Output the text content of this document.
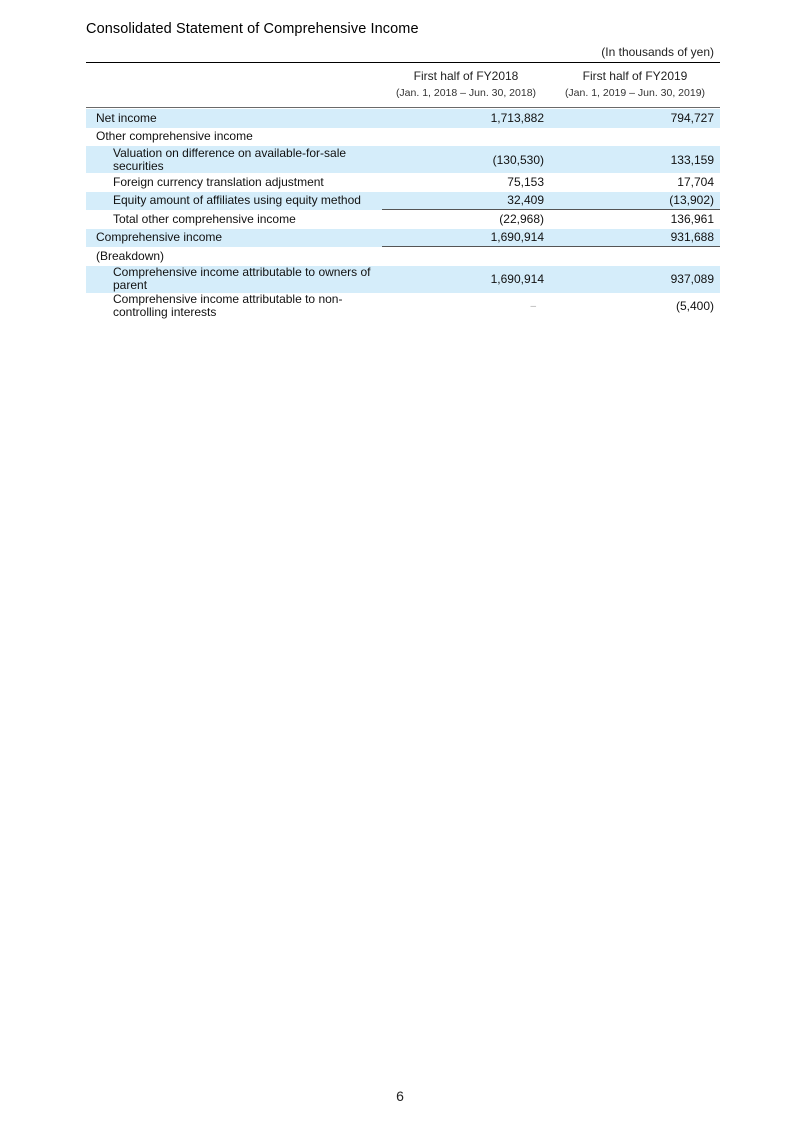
Consolidated Statement of Comprehensive Income
(In thousands of yen)
First half of FY2018
(Jan. 1, 2018 – Jun. 30, 2018)
First half of FY2019
(Jan. 1, 2019 – Jun. 30, 2019)
Net income	1,713,882	794,727
Other comprehensive income
Valuation on difference on available-for-sale securities	(130,530)	133,159
Foreign currency translation adjustment	75,153	17,704
Equity amount of affiliates using equity method	32,409	(13,902)
Total other comprehensive income	(22,968)	136,961
Comprehensive income	1,690,914	931,688
(Breakdown)
Comprehensive income attributable to owners of parent	1,690,914	937,089
Comprehensive income attributable to non-controlling interests	–	(5,400)
6
